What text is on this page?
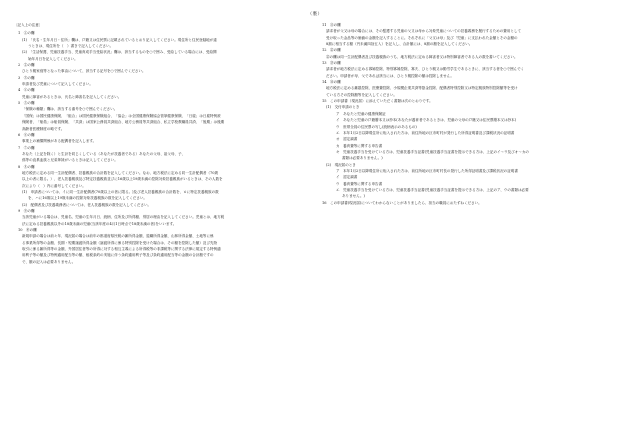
（裏）
〔記入上の注意〕
1　①の欄
(1)　「氏名・生年月日・住所」欄は、戸籍又は住民票に記載されているとおり記入してください。現住所と住民登録地が違
うときは、現住所を（　）書きで記入してください。
(2)　「生活保護、児童扶養手当、児童育成手当受給状況」欄は、該当するものを○で囲み、受給している場合には、受給開
始年月日を記入してください。
2　②の欄
ひとり親家庭等となった事由について、該当する記号を○で囲んでください。
3　③の欄
申請者及び児童について記入してください。
4　④の欄
児童に障害があるときは、氏名と障害名を記入してください。
5　⑤の欄
「保険の種類」欄は、該当する番号を○で囲んでください。
「国保」は国民健康保険、「組合」は国民健康保険組合、「協会」は全国健康保険協会管掌健康保険、「日雇」は日雇特例被
保険者、「船員」は船員保険、「共済」は国家公務員共済組合、地方公務員等共済組合、私立学校教職員共済、「後期」は後期
高齢者医療制度の略です。
6　⑥の欄
事業上の補償関係がある配偶者を記入します。
7　⑦の欄
あなた（上記を除く）と生計を同じくしている（あなたが扶養者である）あなたの父母、祖父母、子、
孫等の直系血族と兄弟姉妹がいるときは記入してください。
8　⑧の欄
地方税法に定める同一生計配偶者、扶養親族の合計数を記入してください。なお、地方税法に定める同一生計配偶者（70歳
以上の者に限る。）、老人扶養親族及び特定扶養親族並びに16歳以上19歳未満の控除対象扶養親族がいるときは、その人数を
次により（　）内に番号してください。
(1)　申請者については、イに同一生計配偶者(70歳以上の者に限る。)及び老人扶養親族の合計数を、ロに特定扶養親族の数
を、ハに16歳以上19歳未満の控除対象扶養親族の数を記入してください。
(2)　配偶者及び扶養義務者については、老人扶養親族の数を記入してください。
9　⑨の欄
当該児童がいる場合は、児童名、児童の生年月日、続柄、住所及び所得額、別居の理由を記入してください。児童とは、地方税
法に定める扶養親族以外の18歳未満の児童(当該年度の4月1日時点で18歳未満の者)をいいます。
10　⑩の欄
新規申請の場合は前々年、現況届の場合は前年の都道府県民税の雑所得金額、退職所得金額、山林所得金額、土地等に係
る事業所得等の金額、長期・短期譲渡所得金額（譲渡所得に係る特別控除を受けた場合は、その額を控除した額）及び先物
取引に係る雑所得等の金額、外国居住者等の所得に対する相互主義による所得税等の非課税等に関する法律に規定する特例適
用利子等の額及び特例適用配当等の額、租税条約の実施に伴う条約適用利子等及び条約適用配当等の金額の合計額ですの
で、額の記入は必要ありません。
11　⑪の欄
請求者が父又は母の場合には、その監護する児童の父又は母から対象児童についての扶養義務を履行するための費用として
受け取った金品等の価値の金額を記入することに。それぞれに「父又は母」及び「児童」に支払われた金額とその金額の
8割に相当する額（円未満四捨五入）を記入し、合計額には、8割の額を記入してください。
12　⑫の欄
⑫の欄は同一生計配偶者及び扶養親族のうち、地方税法に定める障害者又は特別障害者である人の数を書いてください。
13　⑬の欄
請求者が地方税法に定める寡婦控除、特別寡婦控除、寡夫、ひとり親又は勤労学生であるときに、該当する者を○で囲んでく
ださい。申請者が母、父であれば該当には、ひとり親控除の額は控除しません。
14　⑭の欄
地方税法に定める雑損控除、医療費控除、小規模企業共済等掛金控除、配偶者特別控除又は特定親族特別控除額等を受け
ている方その控除額等を記入してください。
15　この申請書（現況届）に添えていただく書類は次のとおりです。
(1)　交付申請のとき
ア　あなたと児童の健康保険証
イ　あなたと児童の戸籍謄本又は抄本(あなたが養育者であるときは、児童の父母の戸籍又は住民票謄本又は抄本)
ウ　世帯全員の住民票の写し(続柄表示のあるもの)
エ　本年1月2日以降現住所に転入された方は、前住所地の区市町村が発行した所得証明書及び課税状況の証明書
オ　認定調書
カ　養育費等に関する申告書
キ　児童扶養手当を受けている方は、児童扶養手当証書(児童扶養手当証書を提示できる方は、上記のイ～ウ及びオ～カの
書類は必要ありません。)
(2)　現況届のとき
ア　本年1月2日以降現住所に転入された方は、前住所地の区市町村長の発行した所得証明書及び課税状況の証明書
イ　認定調書
ウ　養育費等に関する申告書
エ　児童扶養手当を受けている方は、児童扶養手当証書(児童扶養手当証書を提示できる方は、上記のア、ウの書類は必要
ありません。)
16　この申請書(現況届)についてわからないことがありましたら、担当の職員におたずねください。
